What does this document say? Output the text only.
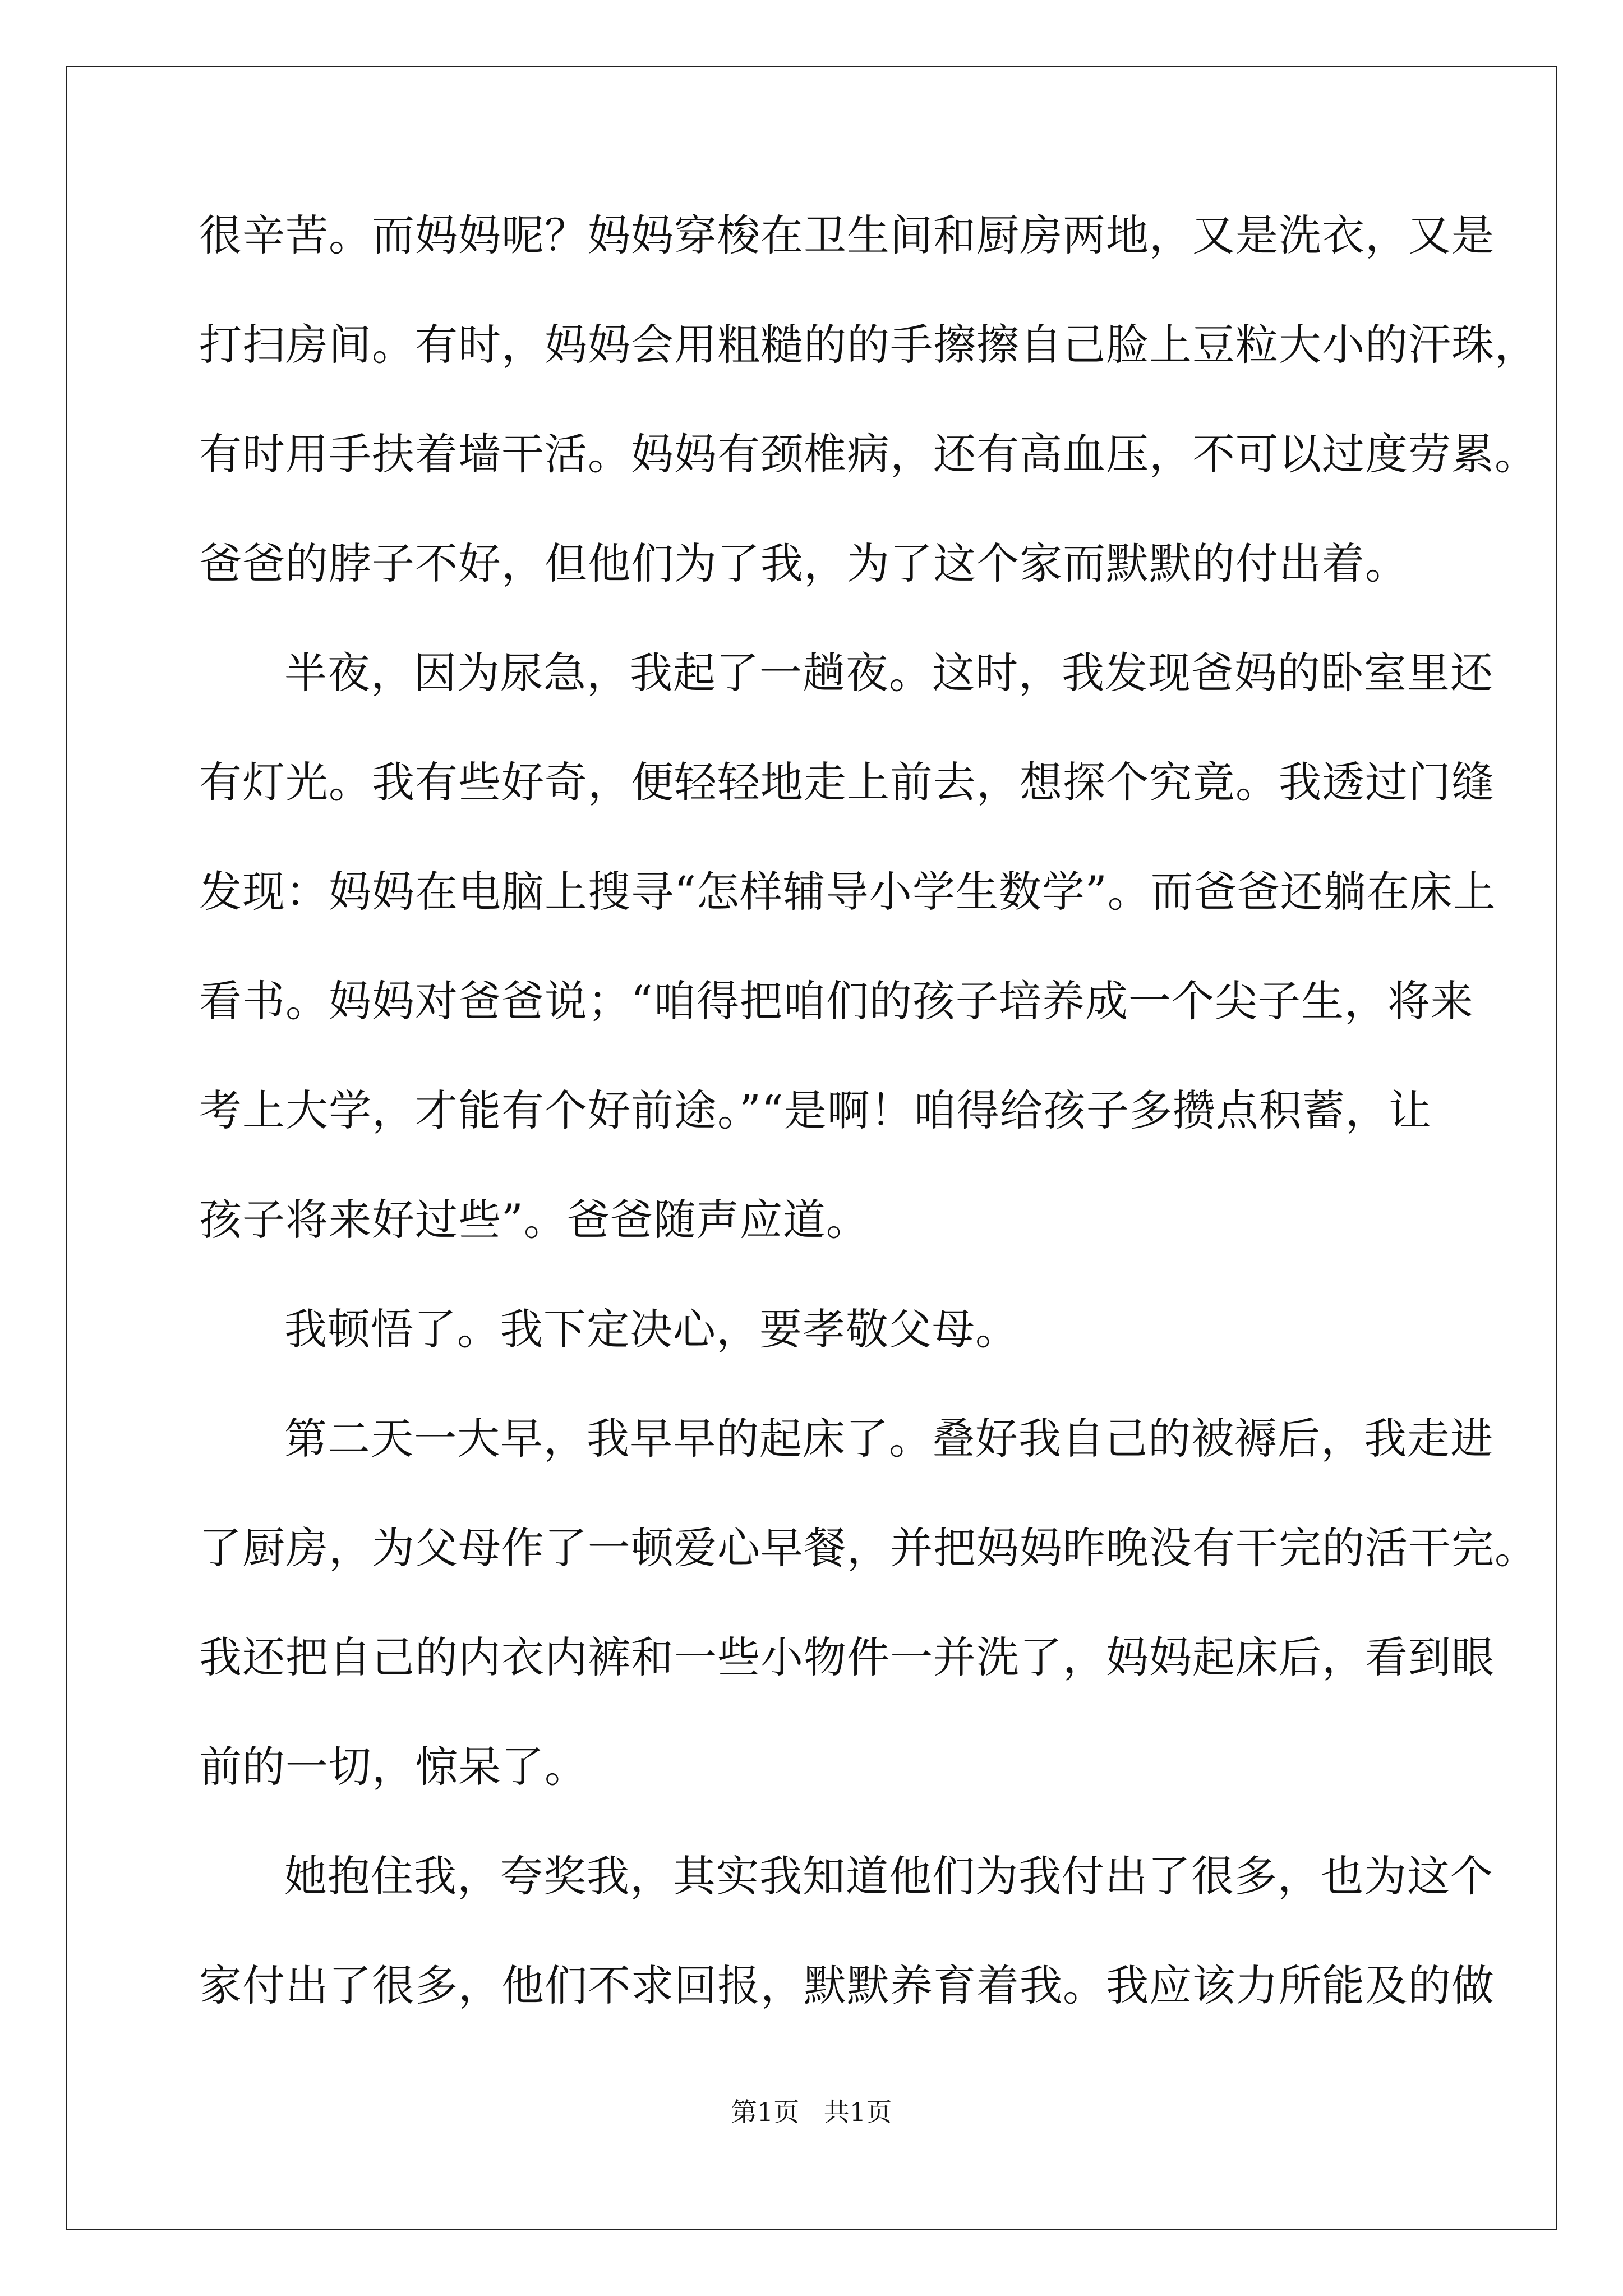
很辛苦。而妈妈呢？妈妈穿梭在卫生间和厨房两地，又是洗衣，又是
打扫房间。有时，妈妈会用粗糙的的手擦擦自己脸上豆粒大小的汗珠，
有时用手扶着墙干活。妈妈有颈椎病，还有高血压，不可以过度劳累。
爸爸的脖子不好，但他们为了我，为了这个家而默默的付出着。
半夜，因为尿急，我起了一趟夜。这时，我发现爸妈的卧室里还
有灯光。我有些好奇，便轻轻地走上前去，想探个究竟。我透过门缝
发现：妈妈在电脑上搜寻“怎样辅导小学生数学”。而爸爸还躺在床上
看书。妈妈对爸爸说；“咱得把咱们的孩子培养成一个尖子生，将来
考上大学，才能有个好前途。”“是啊！咱得给孩子多攒点积蓄，让
孩子将来好过些”。爸爸随声应道。
我顿悟了。我下定决心，要孝敬父母。
第二天一大早，我早早的起床了。叠好我自己的被褥后，我走进
了厨房，为父母作了一顿爱心早餐，并把妈妈昨晚没有干完的活干完。
我还把自己的内衣内裤和一些小物件一并洗了，妈妈起床后，看到眼
前的一切，惊呆了。
她抱住我，夸奖我，其实我知道他们为我付出了很多，也为这个
家付出了很多，他们不求回报，默默养育着我。我应该力所能及的做
第1页   共1页
